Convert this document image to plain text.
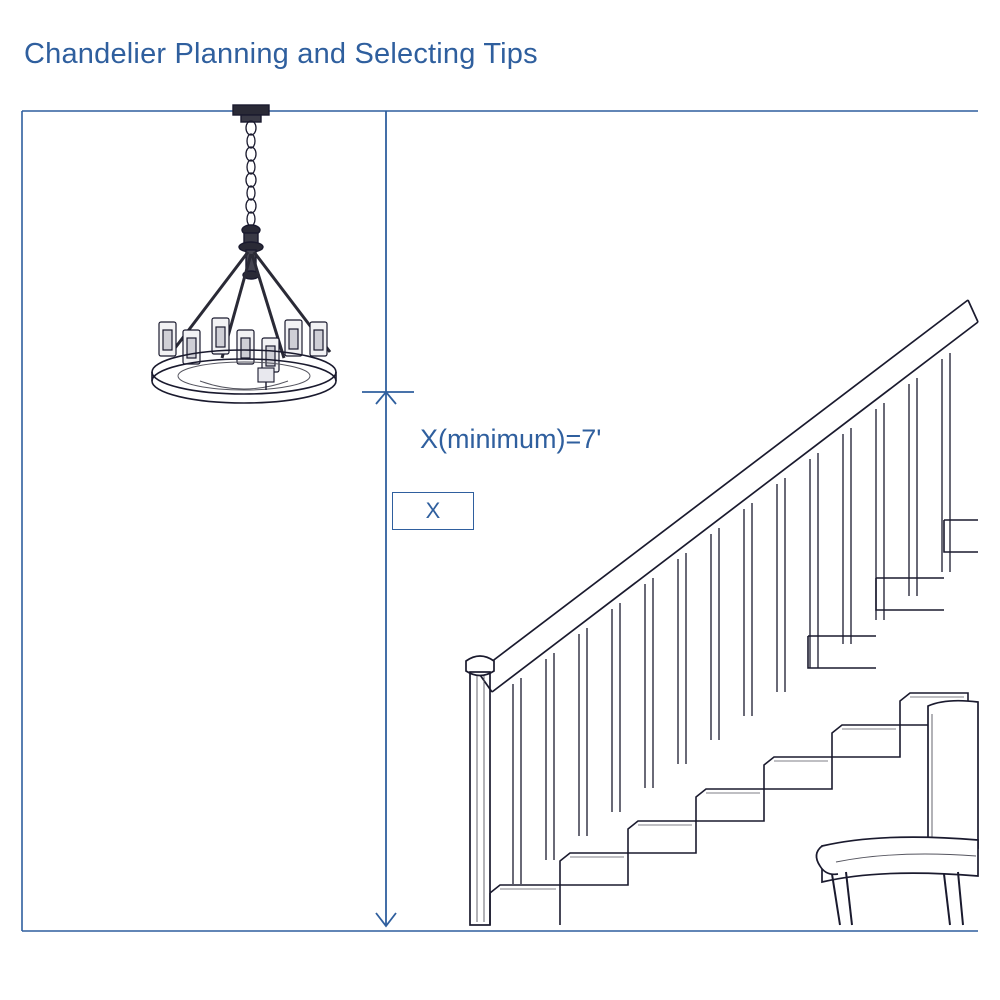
Chandelier Planning and Selecting Tips
X(minimum)=7'
X
